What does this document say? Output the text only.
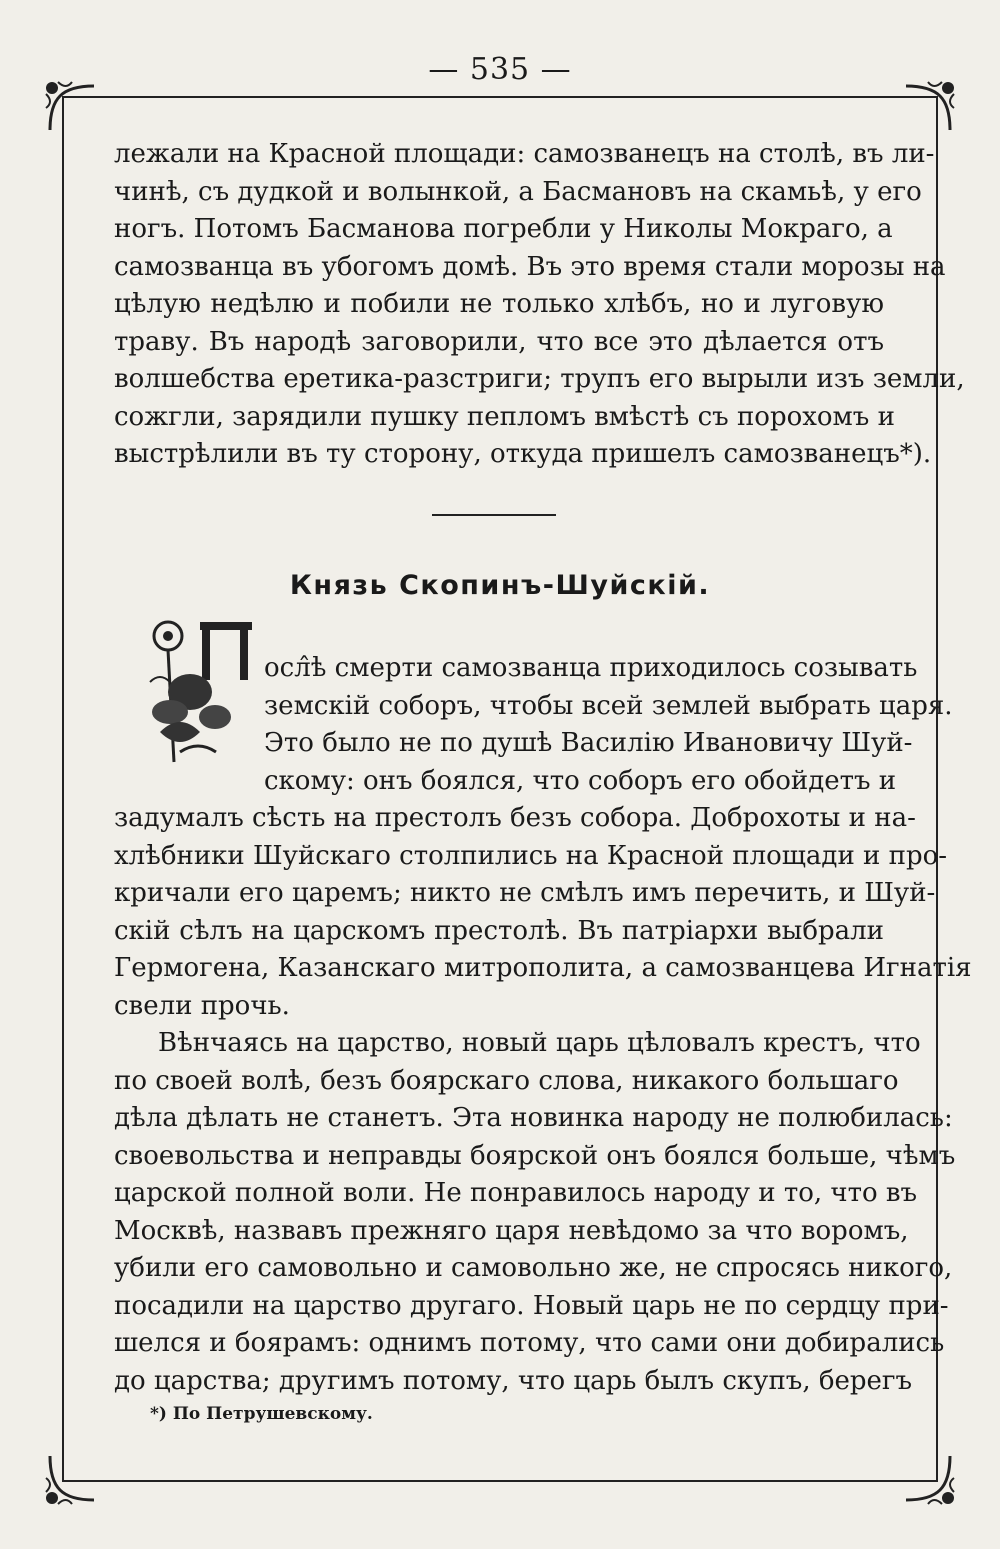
— 535 —
лежали на Красной площади: самозванецъ на столѣ, въ ли-
чинѣ, съ дудкой и волынкой, а Басмановъ на скамьѣ, у его
ногъ. Потомъ Басманова погребли у Николы Мокраго, а
самозванца въ убогомъ домѣ. Въ это время стали морозы на
цѣлую недѣлю и побили не только хлѣбъ, но и луговую
траву. Въ народѣ заговорили, что все это дѣлается отъ
волшебства еретика-разстриги; трупъ его вырыли изъ земли,
сожгли, зарядили пушку пепломъ вмѣстѣ съ порохомъ и
выстрѣлили въ ту сторону, откуда пришелъ самозванецъ*).
Князь Скопинъ-Шуйскій.
осл̂ѣ смерти самозванца приходилось созывать
земскій соборъ, чтобы всей землей выбрать царя.
Это было не по душѣ Василію Ивановичу Шуй-
скому: онъ боялся, что соборъ его обойдетъ и
задумалъ сѣсть на престолъ безъ собора. Доброхоты и на-
хлѣбники Шуйскаго столпились на Красной площади и про-
кричали его царемъ; никто не смѣлъ имъ перечить, и Шуй-
скій сѣлъ на царскомъ престолѣ. Въ патріархи выбрали
Гермогена, Казанскаго митрополита, а самозванцева Игнатія
свели прочь.
Вѣнчаясь на царство, новый царь цѣловалъ крестъ, что
по своей волѣ, безъ боярскаго слова, никакого большаго
дѣла дѣлать не станетъ. Эта новинка народу не полюбилась:
своевольства и неправды боярской онъ боялся больше, чѣмъ
царской полной воли. Не понравилось народу и то, что въ
Москвѣ, назвавъ прежняго царя невѣдомо за что воромъ,
убили его самовольно и самовольно же, не спросясь никого,
посадили на царство другаго. Новый царь не по сердцу при-
шелся и боярамъ: однимъ потому, что сами они добирались
до царства; другимъ потому, что царь былъ скупъ, берегъ
*) По Петрушевскому.
